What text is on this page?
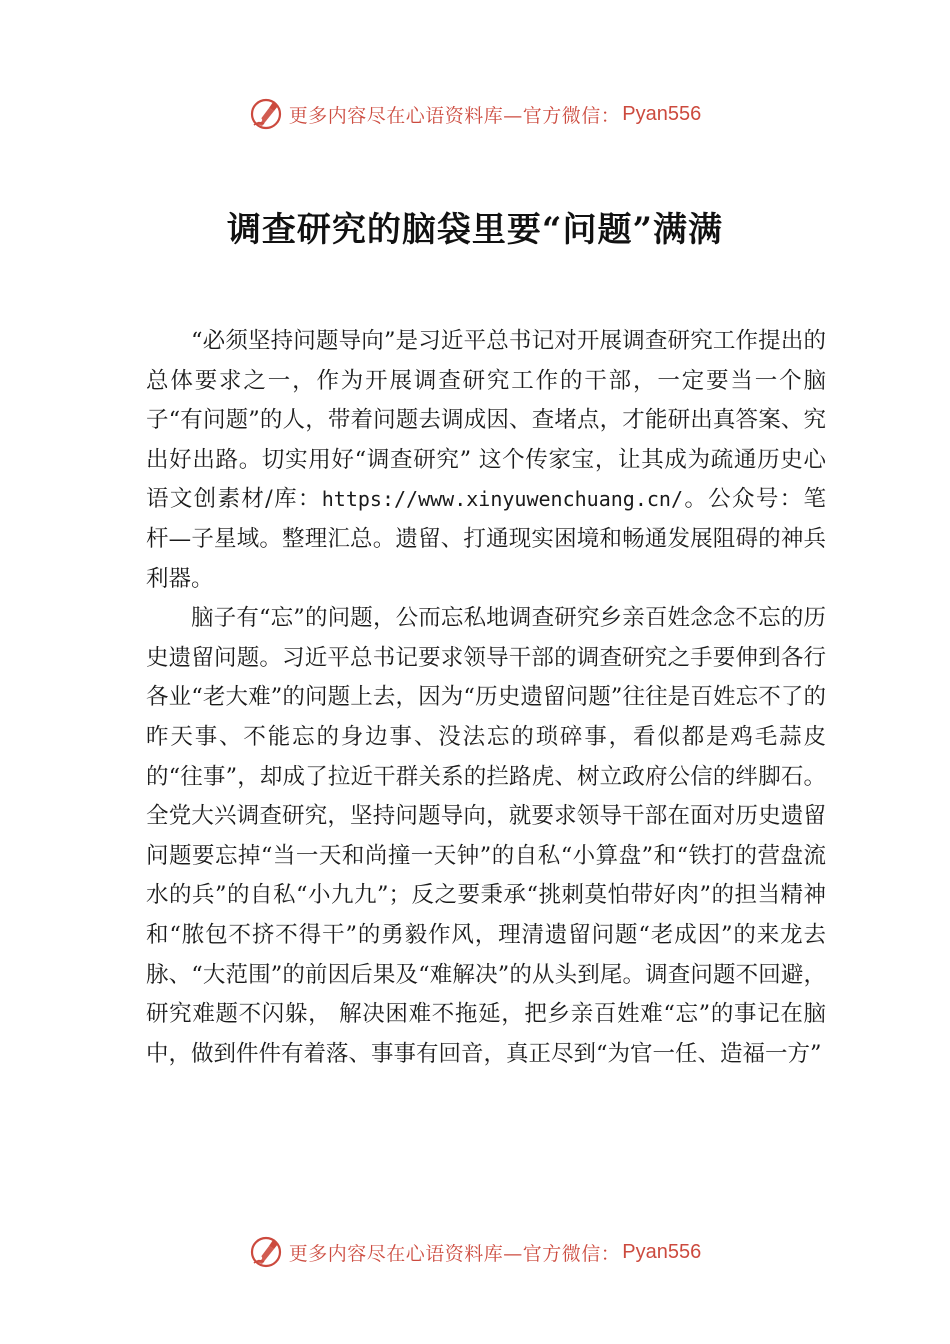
更多内容尽在心语资料库—官方微信： Pyan556
调查研究的脑袋里要“问题”满满

“必须坚持问题导向”是习近平总书记对开展调查研究工作提出的总体要求之一，作为开展调查研究工作的干部，一定要当一个脑子“有问题”的人，带着问题去调成因、查堵点，才能研出真答案、究出好出路。切实用好“调查研究” 这个传家宝，让其成为疏通历史心语文创素材/库：https://www.xinyuwenchuang.cn/。公众号：笔杆—子星域。整理汇总。遗留、打通现实困境和畅通发展阻碍的神兵利器。

脑子有“忘”的问题，公而忘私地调查研究乡亲百姓念念不忘的历史遗留问题。习近平总书记要求领导干部的调查研究之手要伸到各行各业“老大难”的问题上去，因为“历史遗留问题”往往是百姓忘不了的昨天事、不能忘的身边事、没法忘的琐碎事，看似都是鸡毛蒜皮的“往事”，却成了拉近干群关系的拦路虎、树立政府公信的绊脚石。全党大兴调查研究，坚持问题导向，就要求领导干部在面对历史遗留问题要忘掉“当一天和尚撞一天钟”的自私“小算盘”和“铁打的营盘流水的兵”的自私“小九九”；反之要秉承“挑刺莫怕带好肉”的担当精神和“脓包不挤不得干”的勇毅作风，理清遗留问题“老成因”的来龙去脉、“大范围”的前因后果及“难解决”的从头到尾。调查问题不回避，研究难题不闪躲， 解决困难不拖延，把乡亲百姓难“忘”的事记在脑中，做到件件有着落、事事有回音，真正尽到“为官一任、造福一方”

更多内容尽在心语资料库—官方微信： Pyan556
